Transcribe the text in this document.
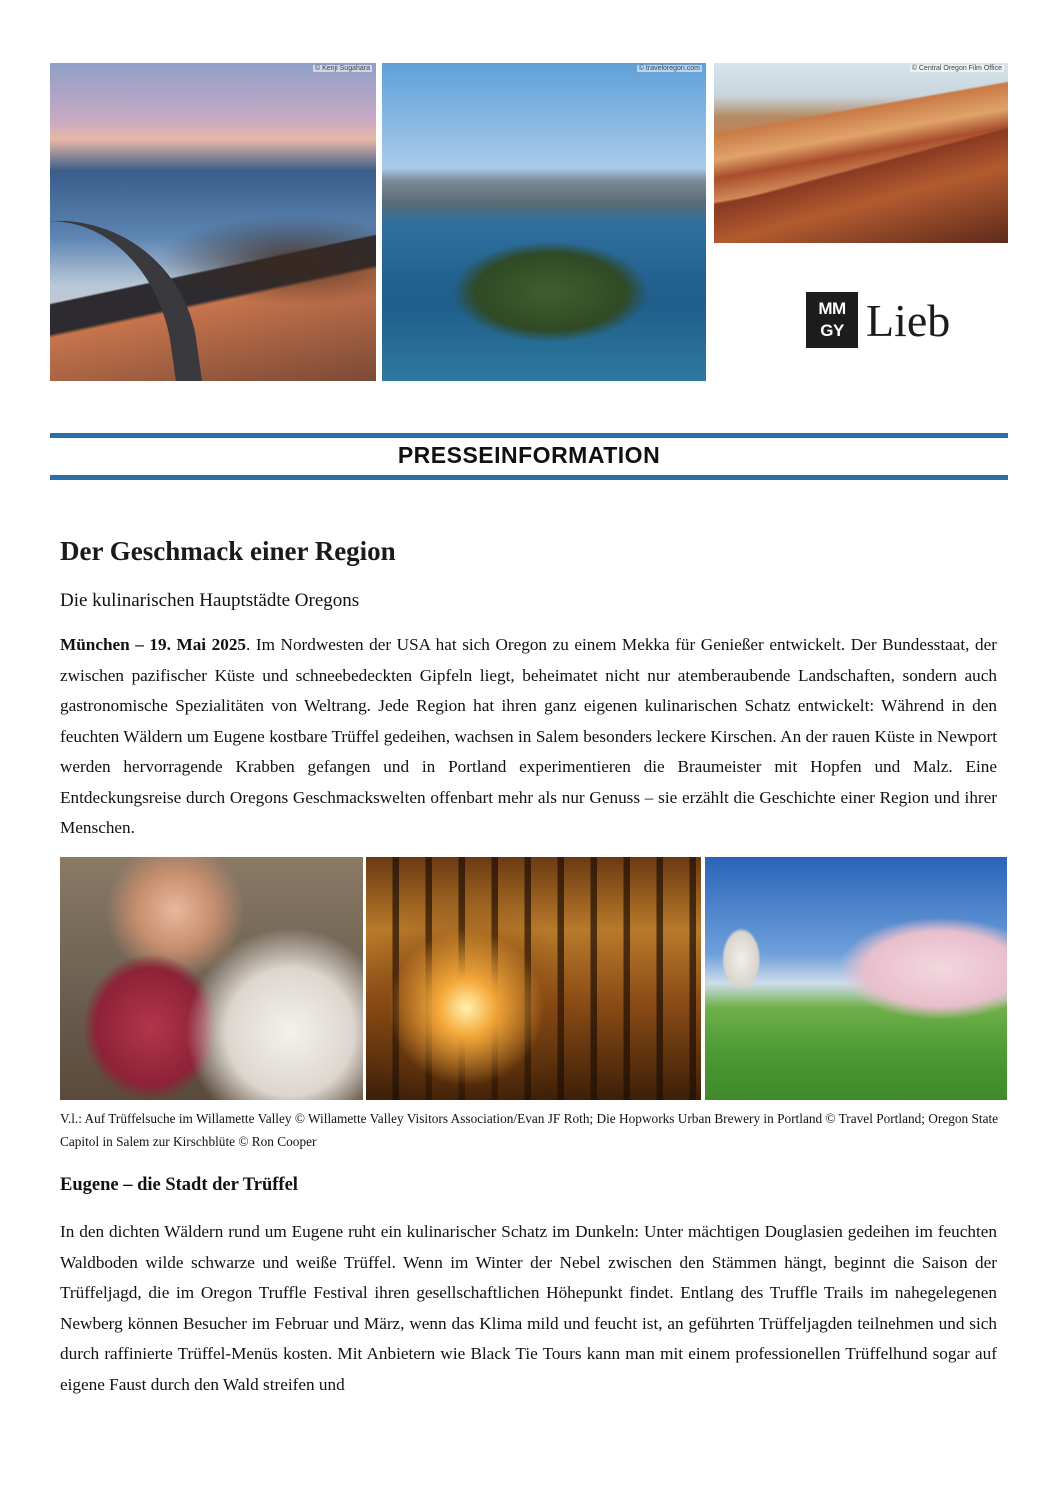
© Kenji Sugahara	© traveloregon.com	© Central Oregon Film Office
MM
GY Lieb
PRESSEINFORMATION
Der Geschmack einer Region
Die kulinarischen Hauptstädte Oregons

München – 19. Mai 2025. Im Nordwesten der USA hat sich Oregon zu einem Mekka für Genießer entwickelt. Der Bundesstaat, der zwischen pazifischer Küste und schneebedeckten Gipfeln liegt, beheimatet nicht nur atemberaubende Landschaften, sondern auch gastronomische Spezialitäten von Weltrang. Jede Region hat ihren ganz eigenen kulinarischen Schatz entwickelt: Während in den feuchten Wäldern um Eugene kostbare Trüffel gedeihen, wachsen in Salem besonders leckere Kirschen. An der rauen Küste in Newport werden hervorragende Krabben gefangen und in Portland experimentieren die Braumeister mit Hopfen und Malz. Eine Entdeckungsreise durch Oregons Geschmackswelten offenbart mehr als nur Genuss – sie erzählt die Geschichte einer Region und ihrer Menschen.

V.l.: Auf Trüffelsuche im Willamette Valley © Willamette Valley Visitors Association/Evan JF Roth; Die Hopworks Urban Brewery in Portland © Travel Portland; Oregon State Capitol in Salem zur Kirschblüte © Ron Cooper

Eugene – die Stadt der Trüffel

In den dichten Wäldern rund um Eugene ruht ein kulinarischer Schatz im Dunkeln: Unter mächtigen Douglasien gedeihen im feuchten Waldboden wilde schwarze und weiße Trüffel. Wenn im Winter der Nebel zwischen den Stämmen hängt, beginnt die Saison der Trüffeljagd, die im Oregon Truffle Festival ihren gesellschaftlichen Höhepunkt findet. Entlang des Truffle Trails im nahegelegenen Newberg können Besucher im Februar und März, wenn das Klima mild und feucht ist, an geführten Trüffeljagden teilnehmen und sich durch raffinierte Trüffel-Menüs kosten. Mit Anbietern wie Black Tie Tours kann man mit einem professionellen Trüffelhund sogar auf eigene Faust durch den Wald streifen und
